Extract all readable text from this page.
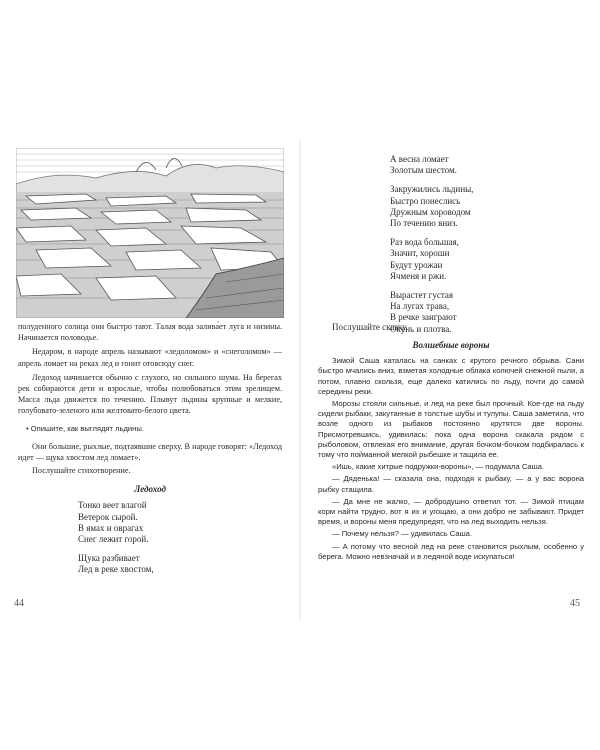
полуденного солнца они быстро тают. Талая вода залива́ет луга и низины. Начинается половодье.

Недаром, в народе апрель называют «ледоломом» и «снеголомом» — апрель ломает на реках лед и гонит отовсюду снег.

Ледоход начинается обычно с глухого, но сильного шума. На берегах рек собираются дети и взрослые, чтобы полюбоваться этим зрелищем. Масса льда движется по течению. Плывут льдины крупные и мелкие, голубовато-зеленого или желтовато-белого цвета.

• Опишите, как выглядят льдины.

Они большие, рыхлые, подтаявшие сверху. В народе говорят: «Ледоход идет — щука хвостом лед ломает».

Послушайте стихотворение.

Ледоход

Тонко веет влагой
Ветерок сырой.
В ямах и оврагах
Снег лежит горой.

Щука разбивает
Лед в реке хвостом,

44

А весна ломает
Золотым шестом.

Закружились льдины,
Быстро понеслись
Дружным хороводом
По течению вниз.

Раз вода большая,
Значит, хороши
Будут урожаи
Ячменя и ржи.

Вырастет густая
На лугах трава,
В речке заиграют
Окунь и плотва.

Послушайте сказку.

Волшебные вороны

Зимой Саша каталась на санках с крутого речного обрыва. Сани быстро мчались вниз, взметая холодные облака колючей снежной пыли, а потом, плавно скользя, еще далеко катились по льду, почти до самой середины реки.

Морозы стояли сильные, и лед на реке был прочный. Кое-где на льду сидели рыбаки, закутанные в толстые шубы и тулупы. Саша заметила, что возле одного из рыбаков постоянно крутятся две вороны. Присмотревшись, удивилась: пока одна ворона скакала рядом с рыболовом, отвлекая его внимание, другая бочком-бочком подбиралась к тому что пойманной мелкой рыбешке и тащила ее.

«Ишь, какие хитрые подружки-вороны», — подумала Саша.

— Дяденька! — сказала она, подходя к рыбаку, — а у вас ворона рыбку стащила.

— Да мне не жалко, — добродушно ответил тот. — Зимой птицам корм найти трудно, вот я их и угощаю, а они добро не забывают. Придет время, и вороны меня предупредят, что на лед выходить нельзя.

— Почему нельзя? — удивилась Саша.

— А потому что весной лед на реке становится рыхлым, особенно у берега. Можно невзначай и в ледяной воде искупаться!

45
